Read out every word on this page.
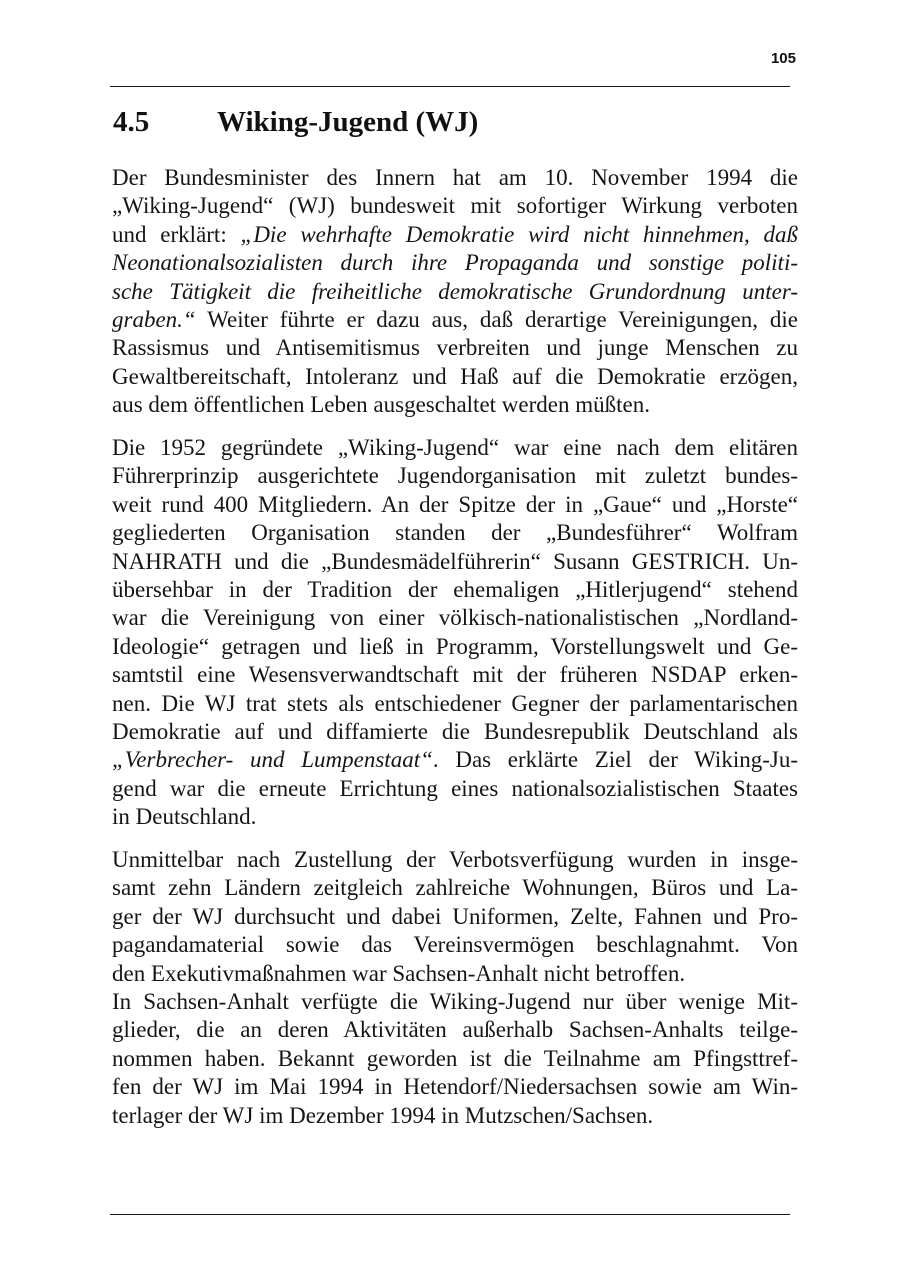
105
4.5 Wiking-Jugend (WJ)
Der Bundesminister des Innern hat am 10. November 1994 die
„Wiking-Jugend“ (WJ) bundesweit mit sofortiger Wirkung verboten
und erklärt: „Die wehrhafte Demokratie wird nicht hinnehmen, daß
Neonationalsozialisten durch ihre Propaganda und sonstige politi-
sche Tätigkeit die freiheitliche demokratische Grundordnung unter-
graben.“ Weiter führte er dazu aus, daß derartige Vereinigungen, die
Rassismus und Antisemitismus verbreiten und junge Menschen zu
Gewaltbereitschaft, Intoleranz und Haß auf die Demokratie erzögen,
aus dem öffentlichen Leben ausgeschaltet werden müßten.
Die 1952 gegründete „Wiking-Jugend“ war eine nach dem elitären
Führerprinzip ausgerichtete Jugendorganisation mit zuletzt bundes-
weit rund 400 Mitgliedern. An der Spitze der in „Gaue“ und „Horste“
gegliederten Organisation standen der „Bundesführer“ Wolfram
NAHRATH und die „Bundesmädelführerin“ Susann GESTRICH. Un-
übersehbar in der Tradition der ehemaligen „Hitlerjugend“ stehend
war die Vereinigung von einer völkisch-nationalistischen „Nordland-
Ideologie“ getragen und ließ in Programm, Vorstellungswelt und Ge-
samtstil eine Wesensverwandtschaft mit der früheren NSDAP erken-
nen. Die WJ trat stets als entschiedener Gegner der parlamentarischen
Demokratie auf und diffamierte die Bundesrepublik Deutschland als
„Verbrecher- und Lumpenstaat“. Das erklärte Ziel der Wiking-Ju-
gend war die erneute Errichtung eines nationalsozialistischen Staates
in Deutschland.
Unmittelbar nach Zustellung der Verbotsverfügung wurden in insge-
samt zehn Ländern zeitgleich zahlreiche Wohnungen, Büros und La-
ger der WJ durchsucht und dabei Uniformen, Zelte, Fahnen und Pro-
pagandamaterial sowie das Vereinsvermögen beschlagnahmt. Von
den Exekutivmaßnahmen war Sachsen-Anhalt nicht betroffen.
In Sachsen-Anhalt verfügte die Wiking-Jugend nur über wenige Mit-
glieder, die an deren Aktivitäten außerhalb Sachsen-Anhalts teilge-
nommen haben. Bekannt geworden ist die Teilnahme am Pfingsttref-
fen der WJ im Mai 1994 in Hetendorf/Niedersachsen sowie am Win-
terlager der WJ im Dezember 1994 in Mutzschen/Sachsen.
